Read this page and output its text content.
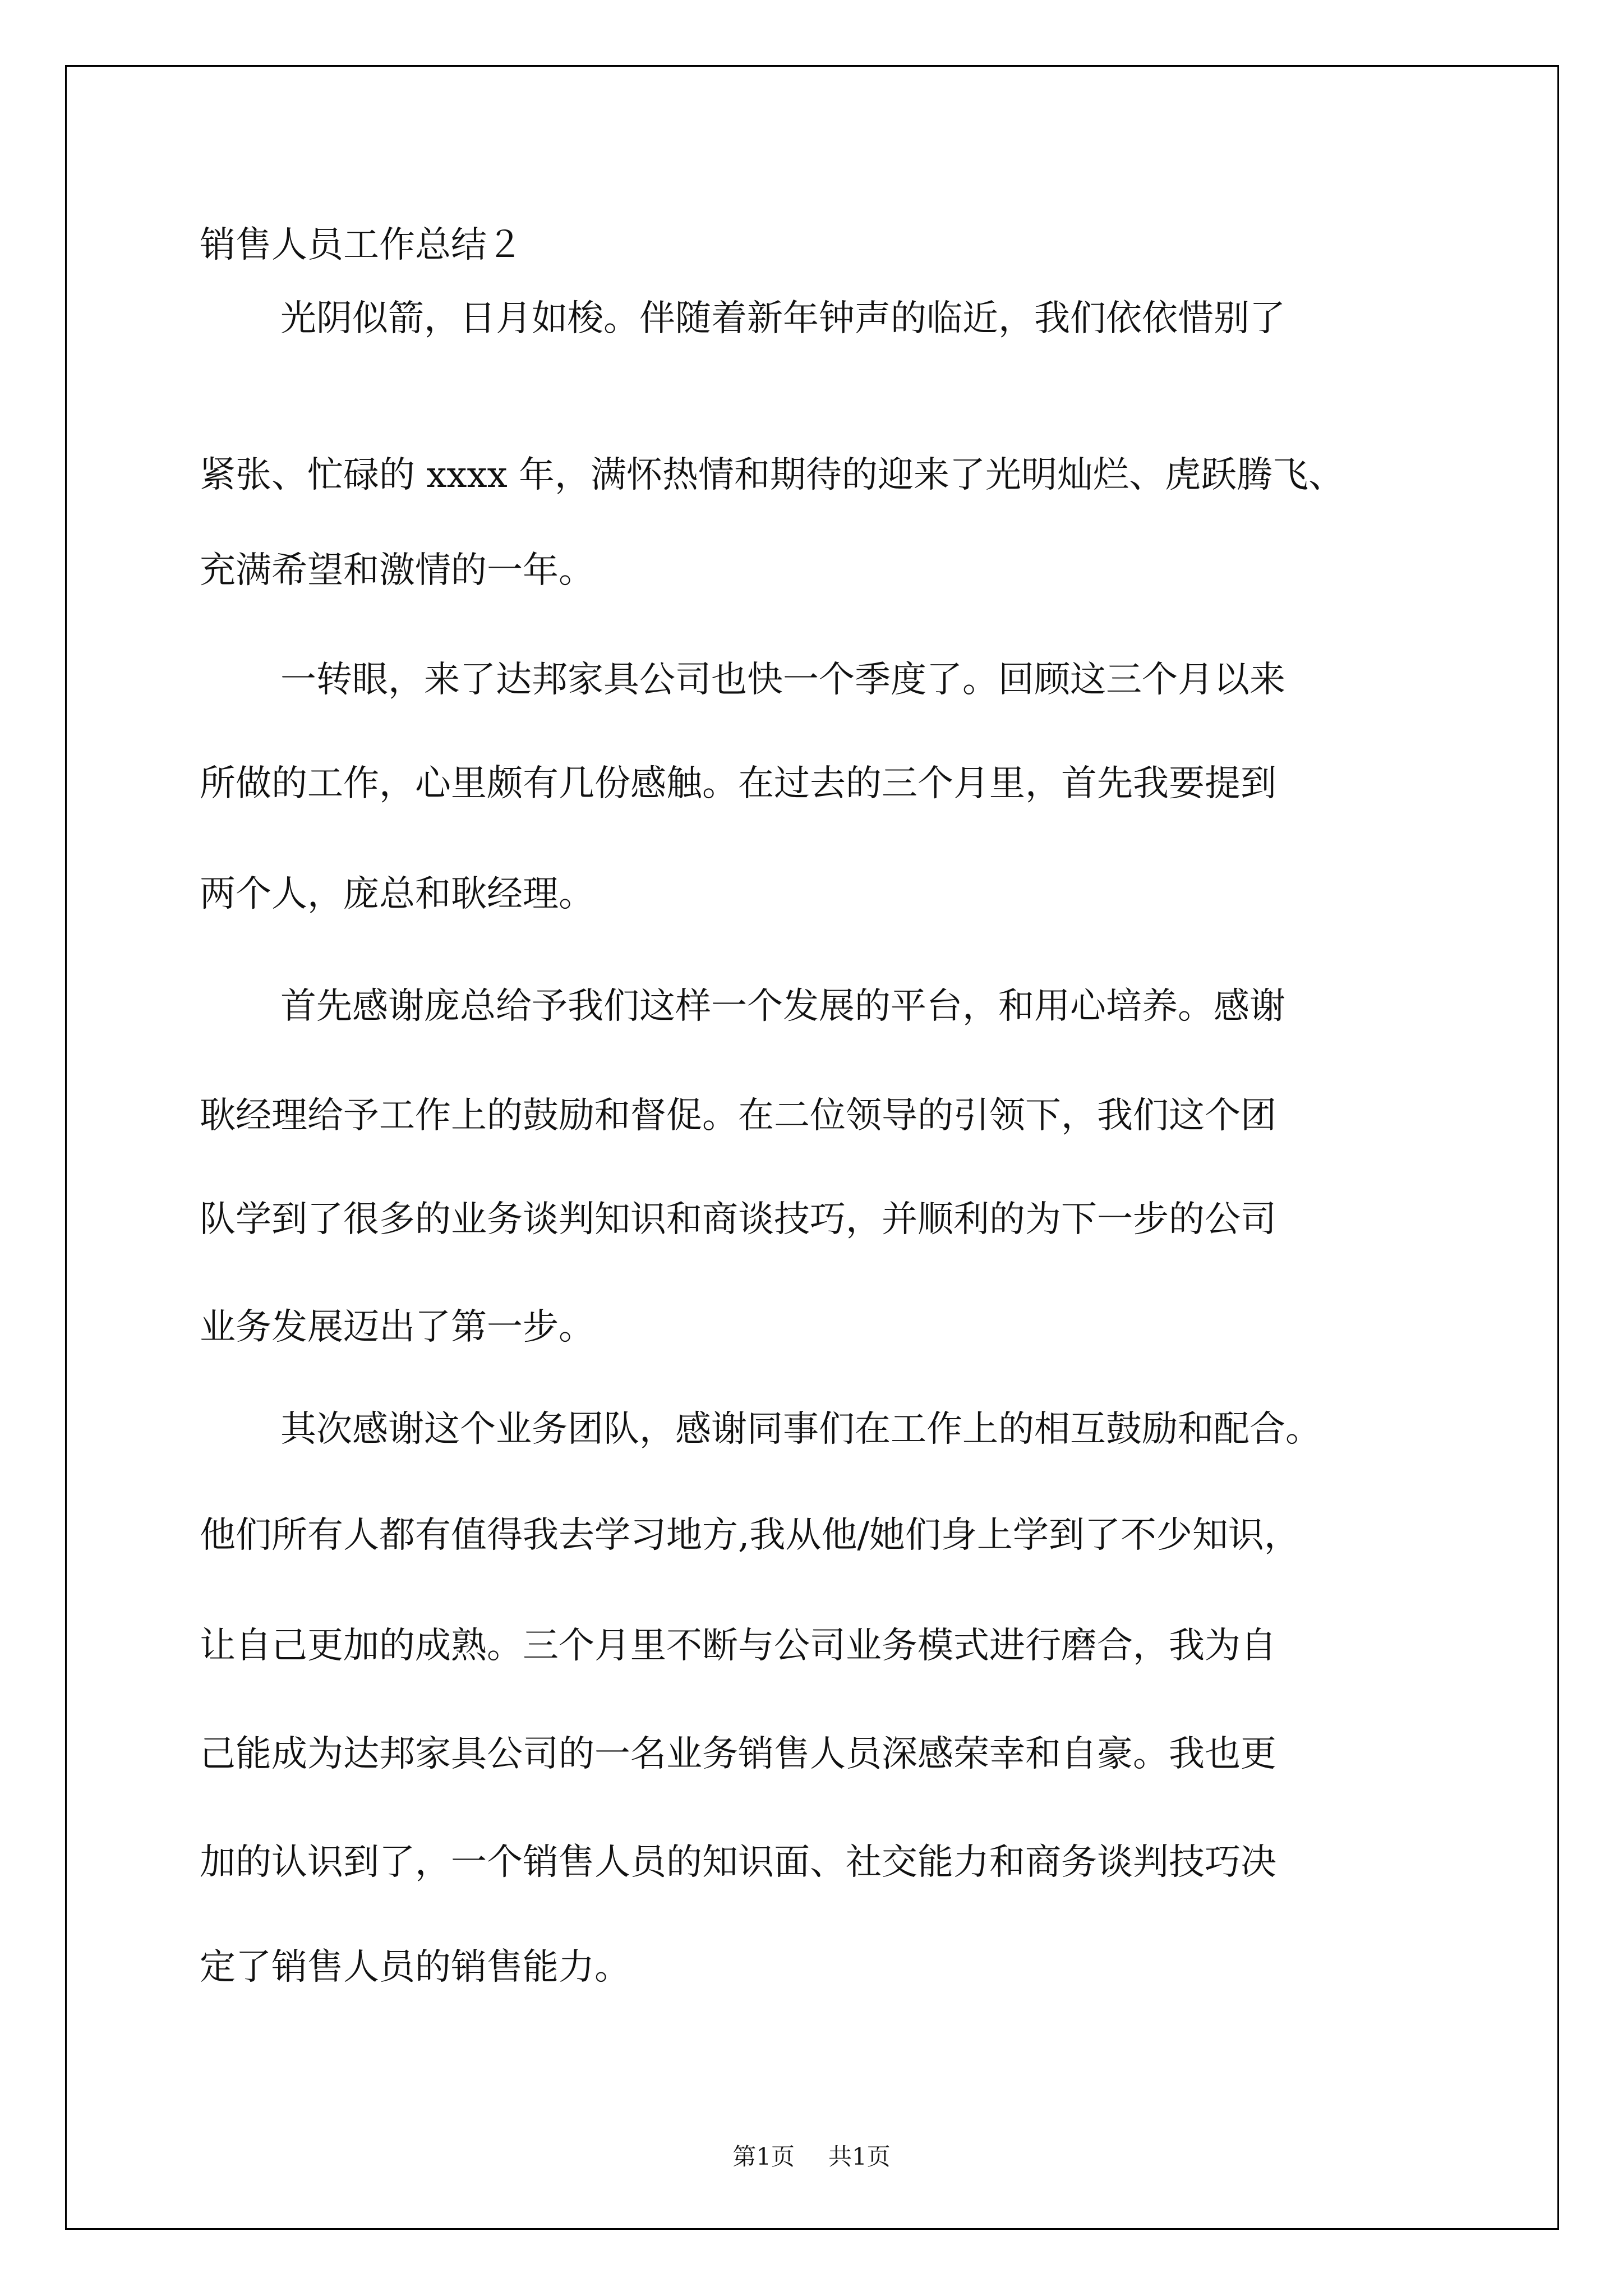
销售人员工作总结２
光阴似箭，日月如梭。伴随着新年钟声的临近，我们依依惜别了
紧张、忙碌的 xxxx 年，满怀热情和期待的迎来了光明灿烂、虎跃腾飞、
充满希望和激情的一年。
一转眼，来了达邦家具公司也快一个季度了。回顾这三个月以来
所做的工作，心里颇有几份感触。在过去的三个月里，首先我要提到
两个人，庞总和耿经理。
首先感谢庞总给予我们这样一个发展的平台，和用心培养。感谢
耿经理给予工作上的鼓励和督促。在二位领导的引领下，我们这个团
队学到了很多的业务谈判知识和商谈技巧，并顺利的为下一步的公司
业务发展迈出了第一步。
其次感谢这个业务团队，感谢同事们在工作上的相互鼓励和配合。
他们所有人都有值得我去学习地方,我从他/她们身上学到了不少知识，
让自己更加的成熟。三个月里不断与公司业务模式进行磨合，我为自
己能成为达邦家具公司的一名业务销售人员深感荣幸和自豪。我也更
加的认识到了，一个销售人员的知识面、社交能力和商务谈判技巧决
定了销售人员的销售能力。
第1页 共1页
